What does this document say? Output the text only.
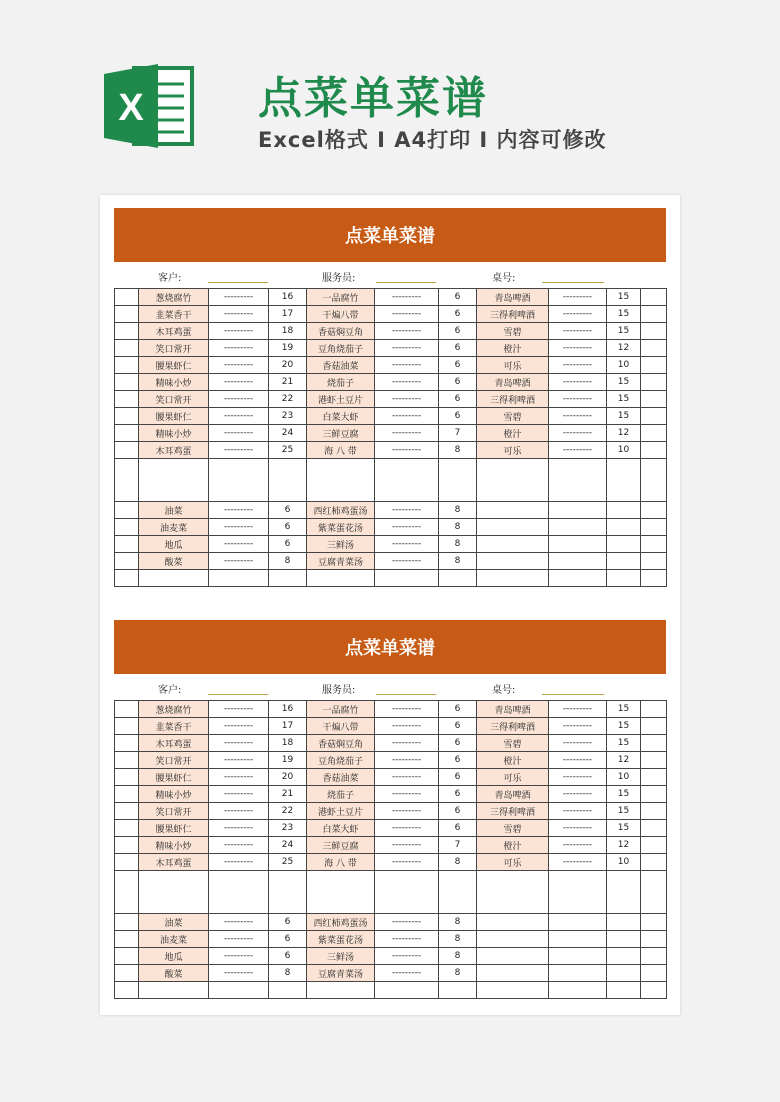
X	点菜单菜谱
Excel格式 I A4打印 I 内容可修改
点菜单菜谱
客户:	服务员:	桌号:
	葱烧腐竹	---------	16	一品腐竹	---------	6	青岛啤酒	---------	15	
	韭菜香干	---------	17	干煸八带	---------	6	三得利啤酒	---------	15	
	木耳鸡蛋	---------	18	香菇焖豆角	---------	6	雪碧	---------	15	
	笑口常开	---------	19	豆角烧茄子	---------	6	橙汁	---------	12	
	腰果虾仁	---------	20	香菇油菜	---------	6	可乐	---------	10	
	精味小炒	---------	21	烧茄子	---------	6	青岛啤酒	---------	15	
	笑口常开	---------	22	港虾土豆片	---------	6	三得利啤酒	---------	15	
	腰果虾仁	---------	23	白菜大虾	---------	6	雪碧	---------	15	
	精味小炒	---------	24	三鲜豆腐	---------	7	橙汁	---------	12	
	木耳鸡蛋	---------	25	海 八 带	---------	8	可乐	---------	10	

	油菜	---------	6	西红柿鸡蛋汤	---------	8				
	油麦菜	---------	6	紫菜蛋花汤	---------	8				
	地瓜	---------	6	三鲜汤	---------	8				
	酸菜	---------	8	豆腐青菜汤	---------	8				

点菜单菜谱
客户:	服务员:	桌号:
	葱烧腐竹	---------	16	一品腐竹	---------	6	青岛啤酒	---------	15	
	韭菜香干	---------	17	干煸八带	---------	6	三得利啤酒	---------	15	
	木耳鸡蛋	---------	18	香菇焖豆角	---------	6	雪碧	---------	15	
	笑口常开	---------	19	豆角烧茄子	---------	6	橙汁	---------	12	
	腰果虾仁	---------	20	香菇油菜	---------	6	可乐	---------	10	
	精味小炒	---------	21	烧茄子	---------	6	青岛啤酒	---------	15	
	笑口常开	---------	22	港虾土豆片	---------	6	三得利啤酒	---------	15	
	腰果虾仁	---------	23	白菜大虾	---------	6	雪碧	---------	15	
	精味小炒	---------	24	三鲜豆腐	---------	7	橙汁	---------	12	
	木耳鸡蛋	---------	25	海 八 带	---------	8	可乐	---------	10	

	油菜	---------	6	西红柿鸡蛋汤	---------	8				
	油麦菜	---------	6	紫菜蛋花汤	---------	8				
	地瓜	---------	6	三鲜汤	---------	8				
	酸菜	---------	8	豆腐青菜汤	---------	8				
